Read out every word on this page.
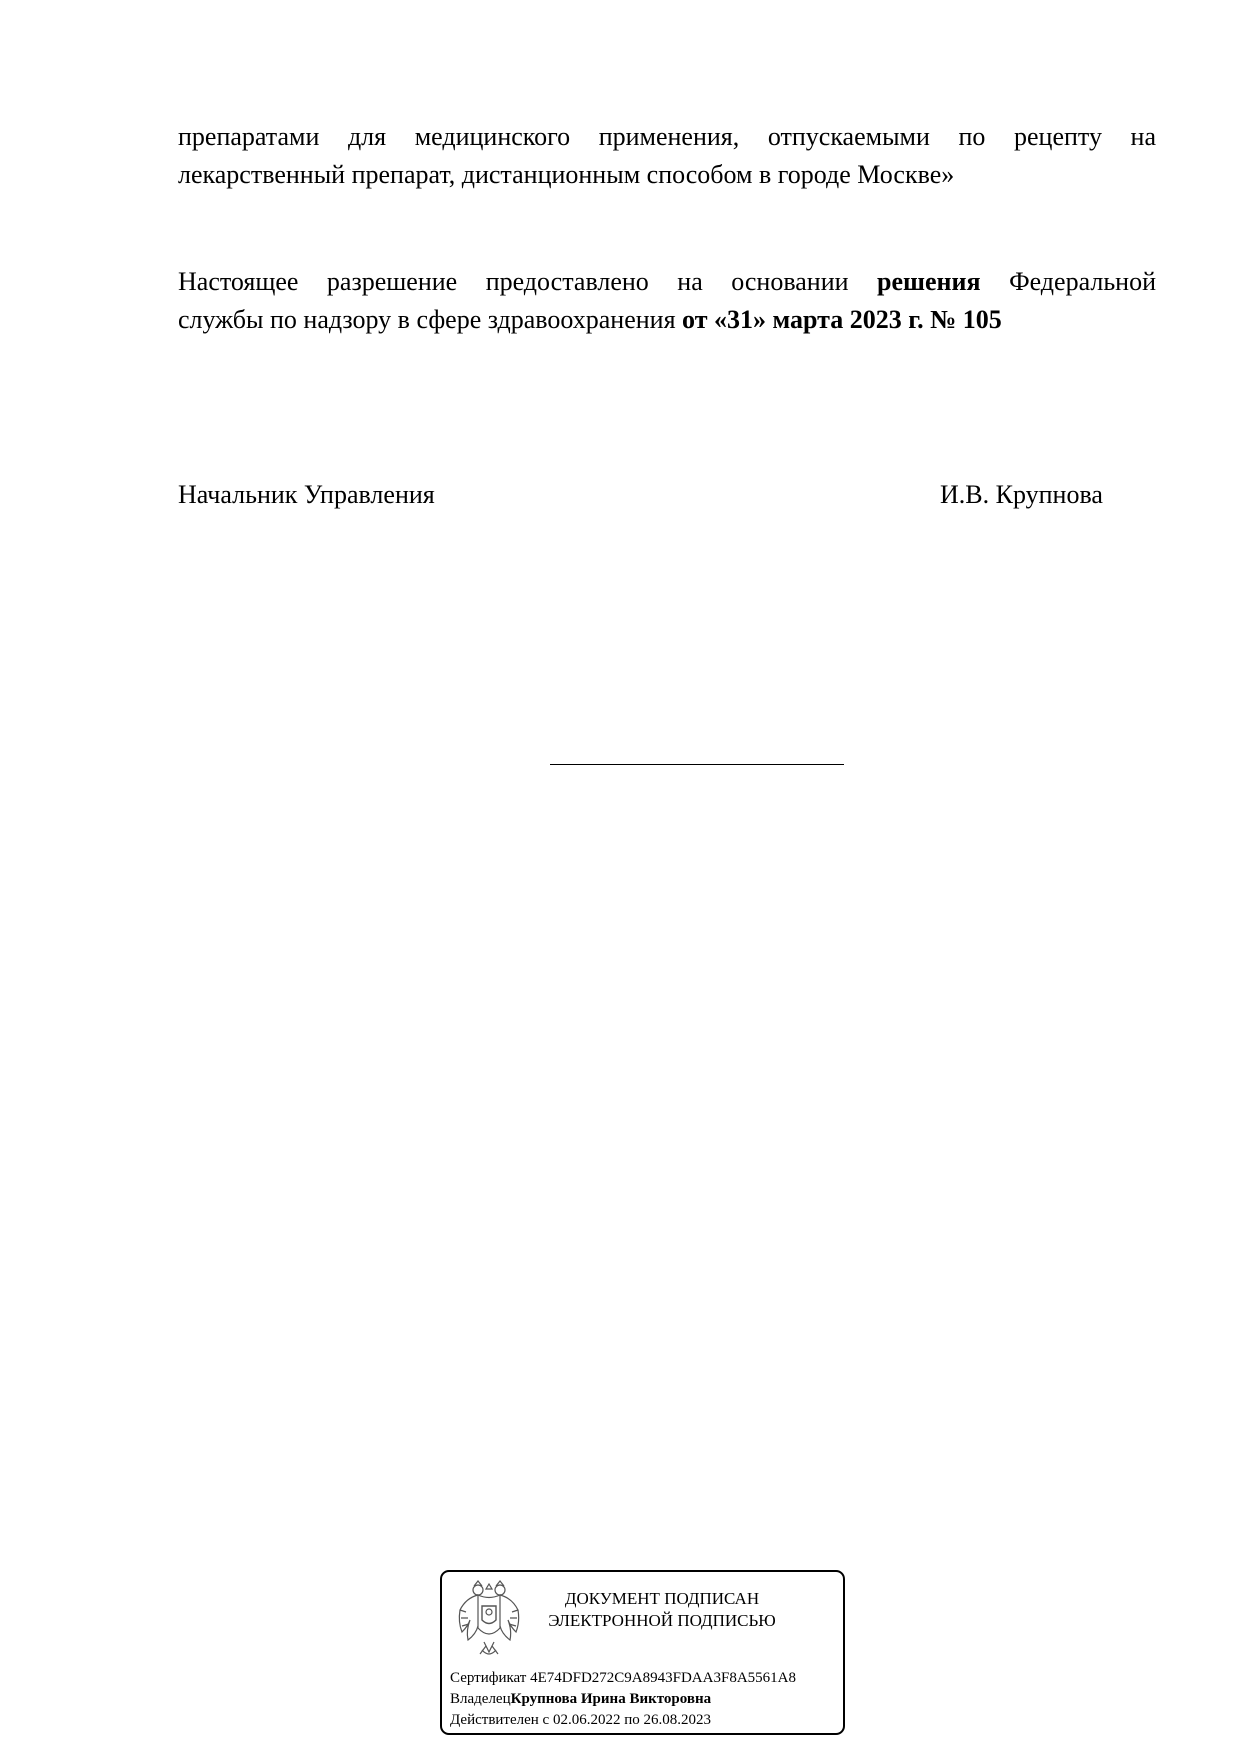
препаратами для медицинского применения, отпускаемыми по рецепту на
лекарственный препарат, дистанционным способом в городе Москве»
Настоящее разрешение предоставлено на основании решения Федеральной
службы по надзору в сфере здравоохранения от «31» марта 2023 г. № 105
Начальник Управления	И.В. Крупнова
ДОКУМЕНТ ПОДПИСАН
ЭЛЕКТРОННОЙ ПОДПИСЬЮ
Сертификат 4E74DFD272C9A8943FDAA3F8A5561A8
ВладелецКрупнова Ирина Викторовна
Действителен с 02.06.2022 по 26.08.2023
